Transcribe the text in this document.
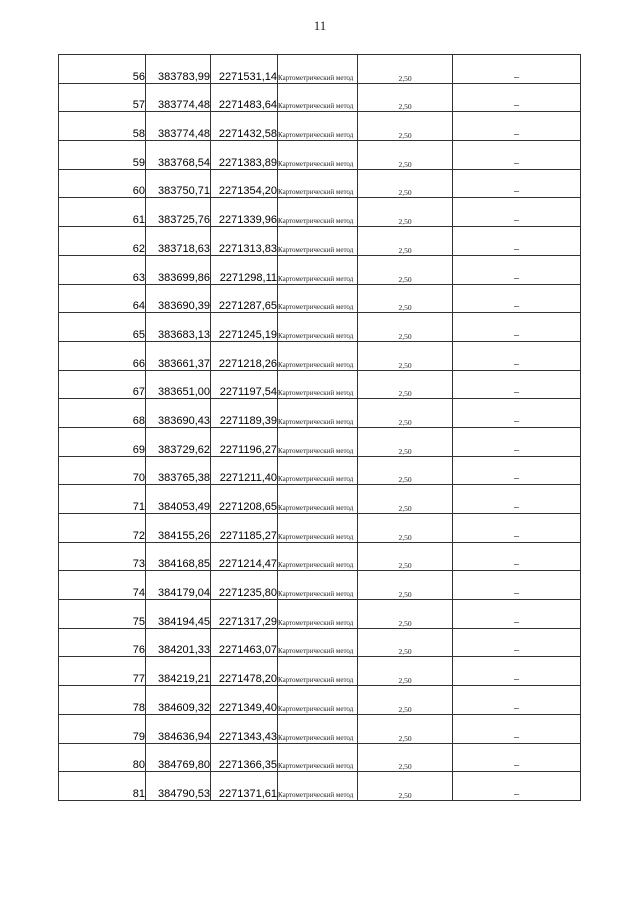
11
56	383783,99	2271531,14	Картометрический метод	2,50	–
57	383774,48	2271483,64	Картометрический метод	2,50	–
58	383774,48	2271432,58	Картометрический метод	2,50	–
59	383768,54	2271383,89	Картометрический метод	2,50	–
60	383750,71	2271354,20	Картометрический метод	2,50	–
61	383725,76	2271339,96	Картометрический метод	2,50	–
62	383718,63	2271313,83	Картометрический метод	2,50	–
63	383699,86	2271298,11	Картометрический метод	2,50	–
64	383690,39	2271287,65	Картометрический метод	2,50	–
65	383683,13	2271245,19	Картометрический метод	2,50	–
66	383661,37	2271218,26	Картометрический метод	2,50	–
67	383651,00	2271197,54	Картометрический метод	2,50	–
68	383690,43	2271189,39	Картометрический метод	2,50	–
69	383729,62	2271196,27	Картометрический метод	2,50	–
70	383765,38	2271211,40	Картометрический метод	2,50	–
71	384053,49	2271208,65	Картометрический метод	2,50	–
72	384155,26	2271185,27	Картометрический метод	2,50	–
73	384168,85	2271214,47	Картометрический метод	2,50	–
74	384179,04	2271235,80	Картометрический метод	2,50	–
75	384194,45	2271317,29	Картометрический метод	2,50	–
76	384201,33	2271463,07	Картометрический метод	2,50	–
77	384219,21	2271478,20	Картометрический метод	2,50	–
78	384609,32	2271349,40	Картометрический метод	2,50	–
79	384636,94	2271343,43	Картометрический метод	2,50	–
80	384769,80	2271366,35	Картометрический метод	2,50	–
81	384790,53	2271371,61	Картометрический метод	2,50	–
